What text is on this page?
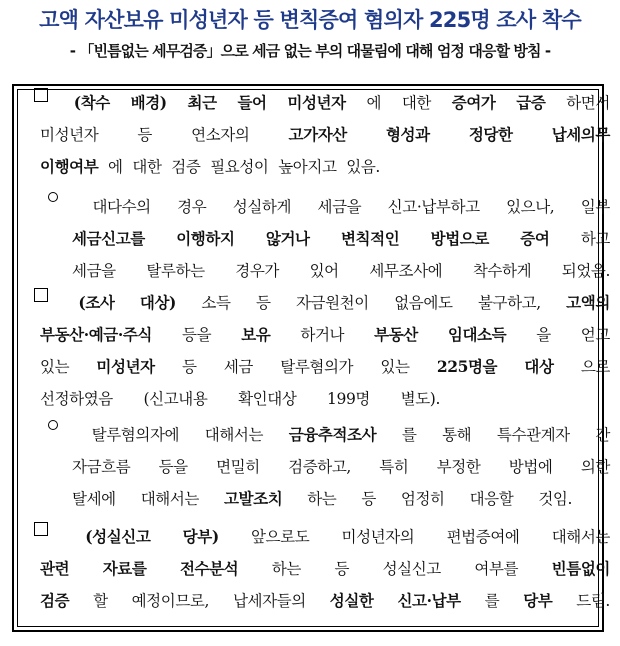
고액 자산보유 미성년자 등 변칙증여 혐의자 225명 조사 착수
- 「빈틈없는 세무검증」으로 세금 없는 부의 대물림에 대해 엄정 대응할 방침 -
(착수 배경) 최근 들어 미성년자 에 대한 증여가 급증 하면서
미성년자	등	연소자의	고가자산	형성과	정당한	납세의무
이행여부 에 대한 검증 필요성이 높아지고 있음.
대다수의 경우 성실하게 세금을 신고·납부하고 있으나, 일부
세금신고를 이행하지 않거나 변칙적인 방법으로 증여 하고
세금을 탈루하는 경우가 있어 세무조사에 착수하게 되었음.
(조사 대상) 소득 등 자금원천이 없음에도 불구하고, 고액의
부동산·예금·주식 등을 보유 하거나 부동산 임대소득 을 얻고
있는 미성년자 등 세금 탈루혐의가 있는 225명을 대상 으로
선정하였음 (신고내용 확인대상 199명 별도).
탈루혐의자에 대해서는 금융추적조사 를 통해 특수관계자 간
자금흐름 등을 면밀히 검증하고, 특히 부정한 방법에 의한
탈세에 대해서는 고발조치 하는 등 엄정히 대응할 것임.
(성실신고 당부) 앞으로도 미성년자의 편법증여에 대해서는
관련 자료를 전수분석 하는 등 성실신고 여부를 빈틈없이
검증 할 예정이므로, 납세자들의 성실한 신고·납부 를 당부 드림.
